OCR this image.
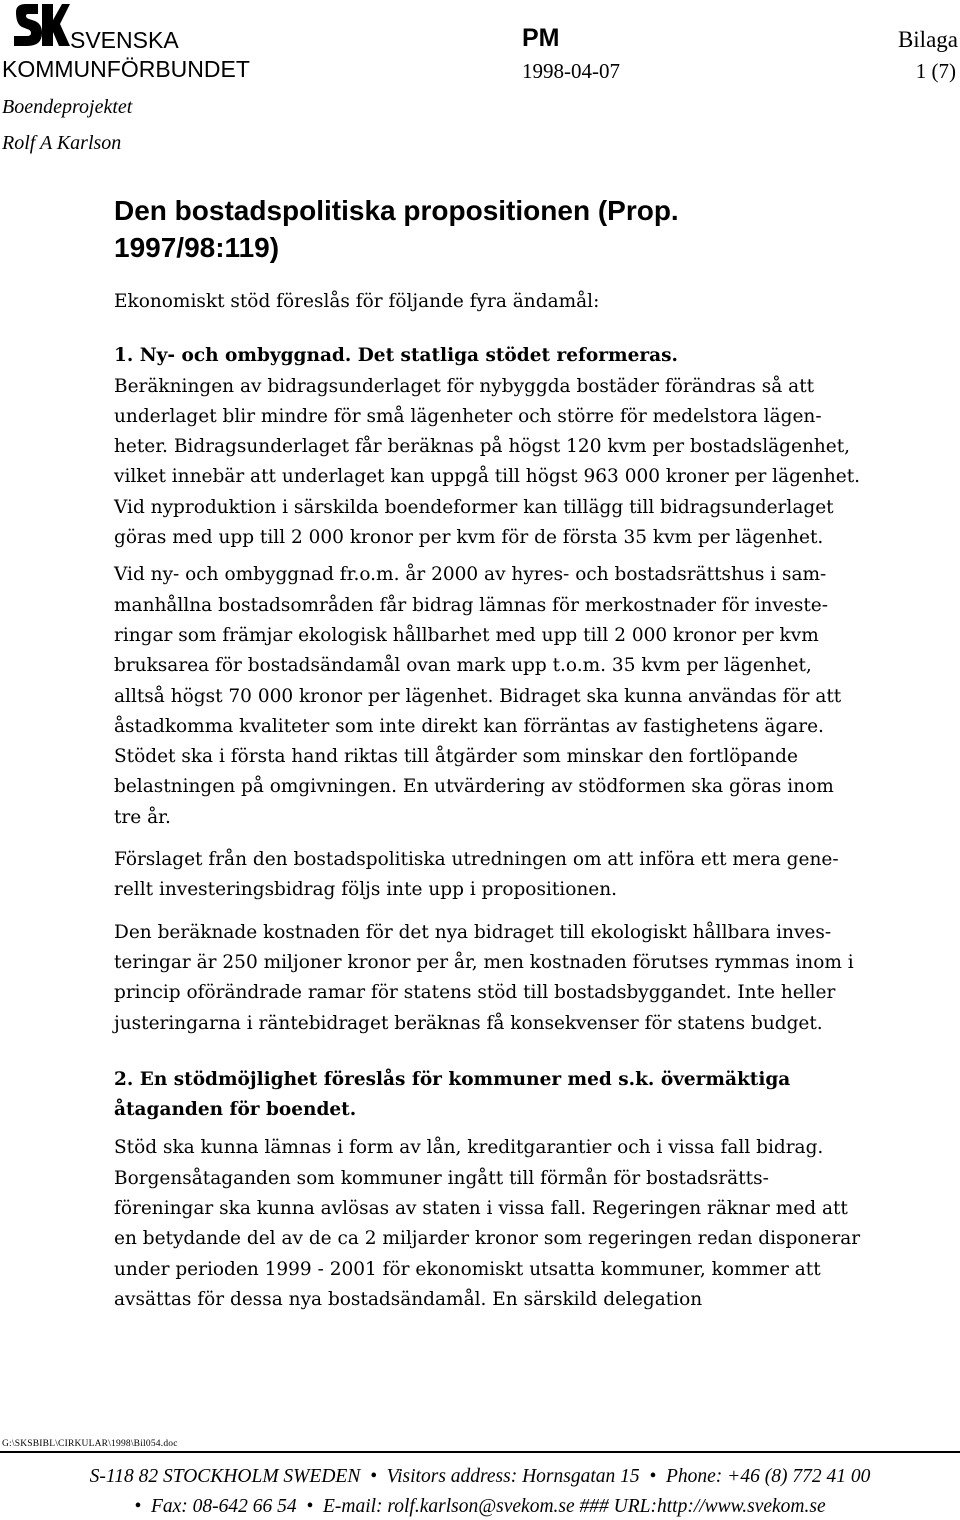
SVENSKA
KOMMUNFÖRBUNDET
PM
1998-04-07
Bilaga
1 (7)
Boendeprojektet
Rolf A Karlson
Den bostadspolitiska propositionen (Prop. 1997/98:119)

Ekonomiskt stöd föreslås för följande fyra ändamål:

1. Ny- och ombyggnad. Det statliga stödet reformeras.

Beräkningen av bidragsunderlaget för nybyggda bostäder förändras så att underlaget blir mindre för små lägenheter och större för medelstora lägen-heter. Bidragsunderlaget får beräknas på högst 120 kvm per bostadslägenhet, vilket innebär att underlaget kan uppgå till högst 963 000 kroner per lägenhet. Vid nyproduktion i särskilda boendeformer kan tillägg till bidragsunderlaget göras med upp till 2 000 kronor per kvm för de första 35 kvm per lägenhet.

Vid ny- och ombyggnad fr.o.m. år 2000 av hyres- och bostadsrättshus i sam-manhållna bostadsområden får bidrag lämnas för merkostnader för investe-ringar som främjar ekologisk hållbarhet med upp till 2 000 kronor per kvm bruksarea för bostadsändamål ovan mark upp t.o.m. 35 kvm per lägenhet, alltså högst 70 000 kronor per lägenhet. Bidraget ska kunna användas för att åstadkomma kvaliteter som inte direkt kan förräntas av fastighetens ägare. Stödet ska i första hand riktas till åtgärder som minskar den fortlöpande belastningen på omgivningen. En utvärdering av stödformen ska göras inom tre år.

Förslaget från den bostadspolitiska utredningen om att införa ett mera gene-rellt investeringsbidrag följs inte upp i propositionen.

Den beräknade kostnaden för det nya bidraget till ekologiskt hållbara inves-teringar är 250 miljoner kronor per år, men kostnaden förutses rymmas inom i princip oförändrade ramar för statens stöd till bostadsbyggandet. Inte heller justeringarna i räntebidraget beräknas få konsekvenser för statens budget.

2. En stödmöjlighet föreslås för kommuner med s.k. övermäktiga åtaganden för boendet.

Stöd ska kunna lämnas i form av lån, kreditgarantier och i vissa fall bidrag. Borgensåtaganden som kommuner ingått till förmån för bostadsrätts-föreningar ska kunna avlösas av staten i vissa fall. Regeringen räknar med att en betydande del av de ca 2 miljarder kronor som regeringen redan disponerar under perioden 1999 - 2001 för ekonomiskt utsatta kommuner, kommer att avsättas för dessa nya bostadsändamål. En särskild delegation

G:\SKSBIBL\CIRKULAR\1998\Bil054.doc
S-118 82 STOCKHOLM SWEDEN  •  Visitors address: Hornsgatan 15  •  Phone: +46 (8) 772 41 00
•  Fax: 08-642 66 54  •  E-mail: rolf.karlson@svekom.se ### URL:http://www.svekom.se
